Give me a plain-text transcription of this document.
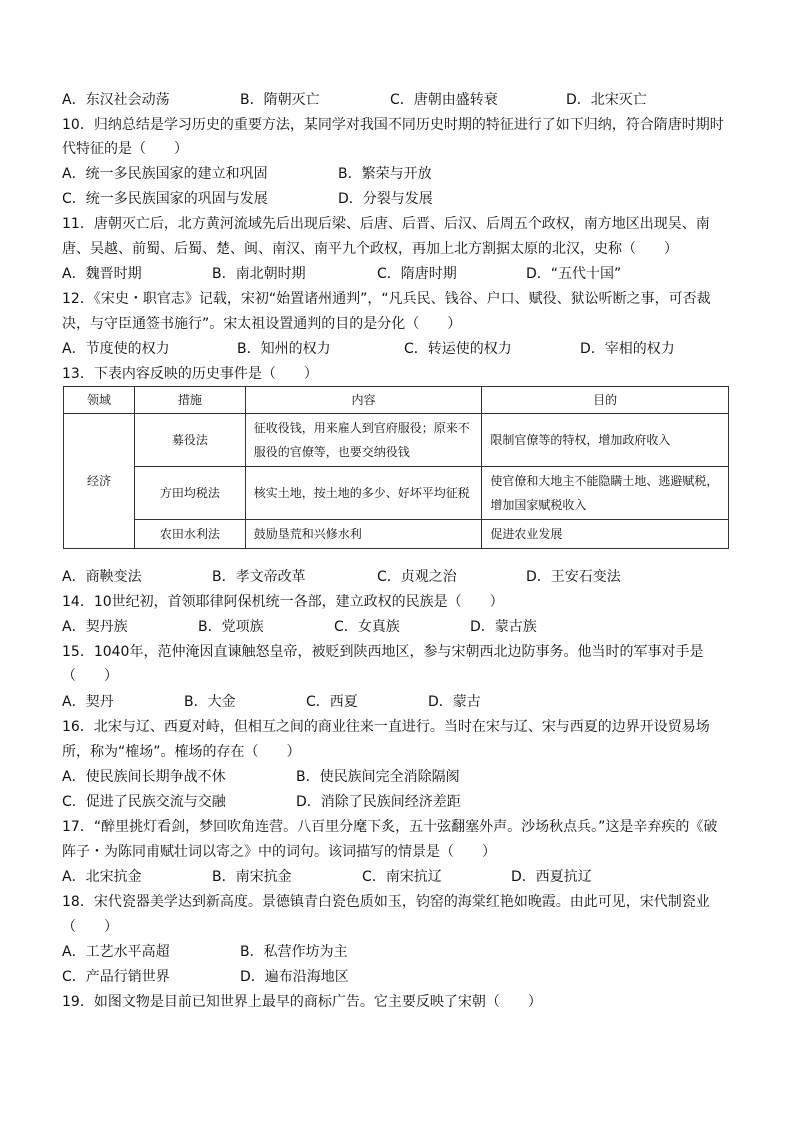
A．东汉社会动荡	B．隋朝灭亡	C．唐朝由盛转衰	D．北宋灭亡
10．归纳总结是学习历史的重要方法，某同学对我国不同历史时期的特征进行了如下归纳，符合隋唐时期时
代特征的是（　　）
A．统一多民族国家的建立和巩固	B．繁荣与开放
C．统一多民族国家的巩固与发展	D．分裂与发展
11．唐朝灭亡后，北方黄河流域先后出现后梁、后唐、后晋、后汉、后周五个政权，南方地区出现吴、南
唐、吴越、前蜀、后蜀、楚、闽、南汉、南平九个政权，再加上北方割据太原的北汉，史称（　　）
A．魏晋时期	B．南北朝时期	C．隋唐时期	D．“五代十国”
12．《宋史・职官志》记载，宋初“始置诸州通判”，“凡兵民、钱谷、户口、赋役、狱讼听断之事，可否裁
决，与守臣通签书施行”。宋太祖设置通判的目的是分化（　　）
A．节度使的权力	B．知州的权力	C．转运使的权力	D．宰相的权力
13．下表内容反映的历史事件是（　　）
领域	措施	内容	目的
经济	募役法	征收役钱，用来雇人到官府服役；原来不服役的官僚等，也要交纳役钱	限制官僚等的特权，增加政府收入
	方田均税法	核实土地，按土地的多少、好坏平均征税	使官僚和大地主不能隐瞒土地、逃避赋税，增加国家赋税收入
	农田水利法	鼓励垦荒和兴修水利	促进农业发展
A．商鞅变法	B．孝文帝改革	C．贞观之治	D．王安石变法
14．10世纪初，首领耶律阿保机统一各部，建立政权的民族是（　　）
A．契丹族	B．党项族	C．女真族	D．蒙古族
15．1040年，范仲淹因直谏触怒皇帝，被贬到陕西地区，参与宋朝西北边防事务。他当时的军事对手是
（　　）
A．契丹	B．大金	C．西夏	D．蒙古
16．北宋与辽、西夏对峙，但相互之间的商业往来一直进行。当时在宋与辽、宋与西夏的边界开设贸易场
所，称为“榷场”。榷场的存在（　　）
A．使民族间长期争战不休	B．使民族间完全消除隔阂
C．促进了民族交流与交融	D．消除了民族间经济差距
17．“醉里挑灯看剑，梦回吹角连营。八百里分麾下炙，五十弦翻塞外声。沙场秋点兵。”这是辛弃疾的《破
阵子・为陈同甫赋壮词以寄之》中的词句。该词描写的情景是（　　）
A．北宋抗金	B．南宋抗金	C．南宋抗辽	D．西夏抗辽
18．宋代瓷器美学达到新高度。景德镇青白瓷色质如玉，钧窑的海棠红艳如晚霞。由此可见，宋代制瓷业
（　　）
A．工艺水平高超	B．私营作坊为主
C．产品行销世界	D．遍布沿海地区
19．如图文物是目前已知世界上最早的商标广告。它主要反映了宋朝（　　）
